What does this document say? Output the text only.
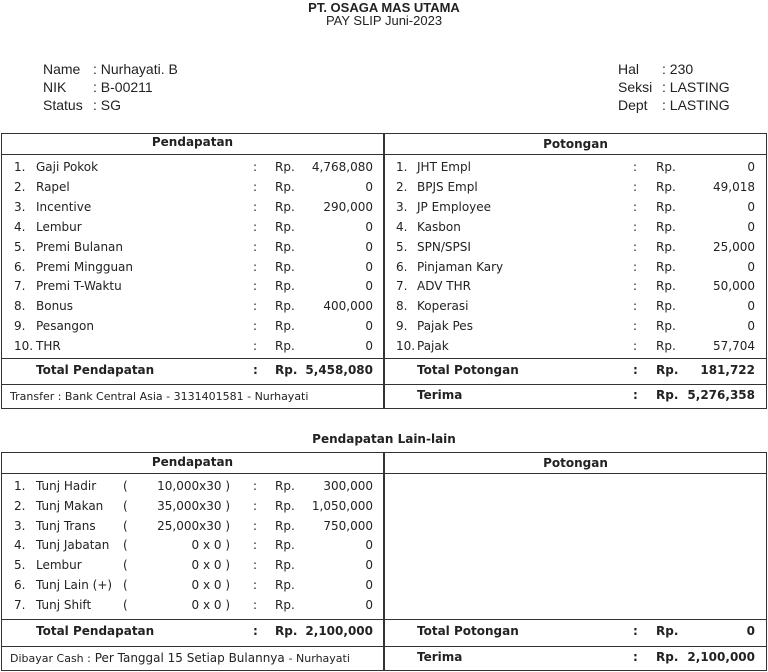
PT. OSAGA MAS UTAMA
PAY SLIP Juni-2023
Name : Nurhayati. B
NIK	: B-00211
Status : SG
Hal	: 230
Seksi : LASTING
Dept	: LASTING
Pendapatan
1. Gaji Pokok	: Rp.	4,768,080
2. Rapel	: Rp.	0
3. Incentive	: Rp.	290,000
4. Lembur	: Rp.	0
5. Premi Bulanan	: Rp.	0
6. Premi Mingguan	: Rp.	0
7. Premi T-Waktu	: Rp.	0
8. Bonus	: Rp.	400,000
9. Pesangon	: Rp.	0
10. THR	: Rp.	0
Total Pendapatan	: Rp. 5,458,080
Transfer : Bank Central Asia - 3131401581 - Nurhayati
Potongan
1. JHT Empl	: Rp.	0
2. BPJS Empl	: Rp.	49,018
3. JP Employee	: Rp.	0
4. Kasbon	: Rp.	0
5. SPN/SPSI	: Rp.	25,000
6. Pinjaman Kary	: Rp.	0
7. ADV THR	: Rp.	50,000
8. Koperasi	: Rp.	0
9. Pajak Pes	: Rp.	0
10. Pajak	: Rp.	57,704
Total Potongan	: Rp.	181,722
Terima	: Rp. 5,276,358
Pendapatan Lain-lain
Pendapatan
1. Tunj Hadir (	10,000x30 ) : Rp.	300,000
2. Tunj Makan (	35,000x30 ) : Rp.	1,050,000
3. Tunj Trans (	25,000x30 ) : Rp.	750,000
4. Tunj Jabatan (	0 x 0 ) : Rp.	0
5. Lembur	(	0 x 0 ) : Rp.	0
6. Tunj Lain (+) (	0 x 0 ) : Rp.	0
7. Tunj Shift	(	0 x 0 ) : Rp.	0
Total Pendapatan	: Rp. 2,100,000
Dibayar Cash : Per Tanggal 15 Setiap Bulannya - Nurhayati
Potongan
Total Potongan	: Rp.	0
Terima	: Rp. 2,100,000
